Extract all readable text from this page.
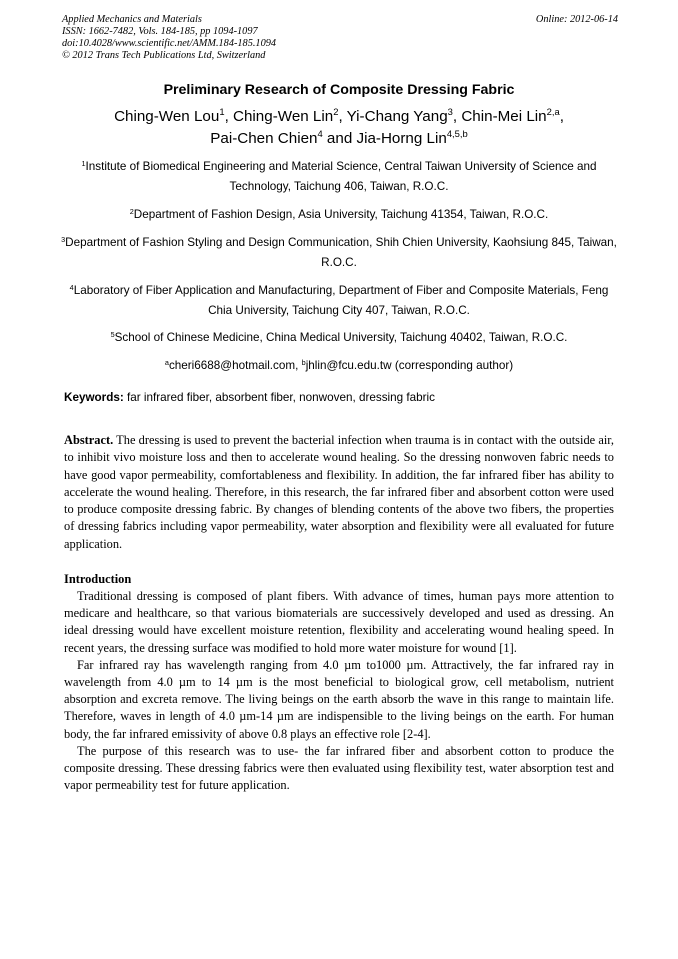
Applied Mechanics and Materials
ISSN: 1662-7482, Vols. 184-185, pp 1094-1097
doi:10.4028/www.scientific.net/AMM.184-185.1094
© 2012 Trans Tech Publications Ltd, Switzerland
Online: 2012-06-14
Preliminary Research of Composite Dressing Fabric
Ching-Wen Lou$^1$, Ching-Wen Lin$^2$, Yi-Chang Yang$^3$, Chin-Mei Lin$^{2,a}$,
Pai-Chen Chien$^4$ and Jia-Horng Lin$^{4,5,b}$
$^1$Institute of Biomedical Engineering and Material Science, Central Taiwan University of Science and Technology, Taichung 406, Taiwan, R.O.C.
$^2$Department of Fashion Design, Asia University, Taichung 41354, Taiwan, R.O.C.
$^3$Department of Fashion Styling and Design Communication, Shih Chien University, Kaohsiung 845, Taiwan, R.O.C.
$^4$Laboratory of Fiber Application and Manufacturing, Department of Fiber and Composite Materials, Feng Chia University, Taichung City 407, Taiwan, R.O.C.
$^5$School of Chinese Medicine, China Medical University, Taichung 40402, Taiwan, R.O.C.
$^a$cheri6688@hotmail.com, $^b$jhlin@fcu.edu.tw (corresponding author)
Keywords: far infrared fiber, absorbent fiber, nonwoven, dressing fabric
Abstract. The dressing is used to prevent the bacterial infection when trauma is in contact with the outside air, to inhibit vivo moisture loss and then to accelerate wound healing. So the dressing nonwoven fabric needs to have good vapor permeability, comfortableness and flexibility. In addition, the far infrared fiber has ability to accelerate the wound healing. Therefore, in this research, the far infrared fiber and absorbent cotton were used to produce composite dressing fabric. By changes of blending contents of the above two fibers, the properties of dressing fabrics including vapor permeability, water absorption and flexibility were all evaluated for future application.
Introduction

Traditional dressing is composed of plant fibers. With advance of times, human pays more attention to medicare and healthcare, so that various biomaterials are successively developed and used as dressing. An ideal dressing would have excellent moisture retention, flexibility and accelerating wound healing speed. In recent years, the dressing surface was modified to hold more water moisture for wound [1].

Far infrared ray has wavelength ranging from 4.0 µm to1000 µm. Attractively, the far infrared ray in wavelength from 4.0 µm to 14 µm is the most beneficial to biological grow, cell metabolism, nutrient absorption and excreta remove. The living beings on the earth absorb the wave in this range to maintain life. Therefore, waves in length of 4.0 µm-14 µm are indispensible to the living beings on the earth. For human body, the far infrared emissivity of above 0.8 plays an effective role [2-4].

The purpose of this research was to use- the far infrared fiber and absorbent cotton to produce the composite dressing. These dressing fabrics were then evaluated using flexibility test, water absorption test and vapor permeability test for future application.
